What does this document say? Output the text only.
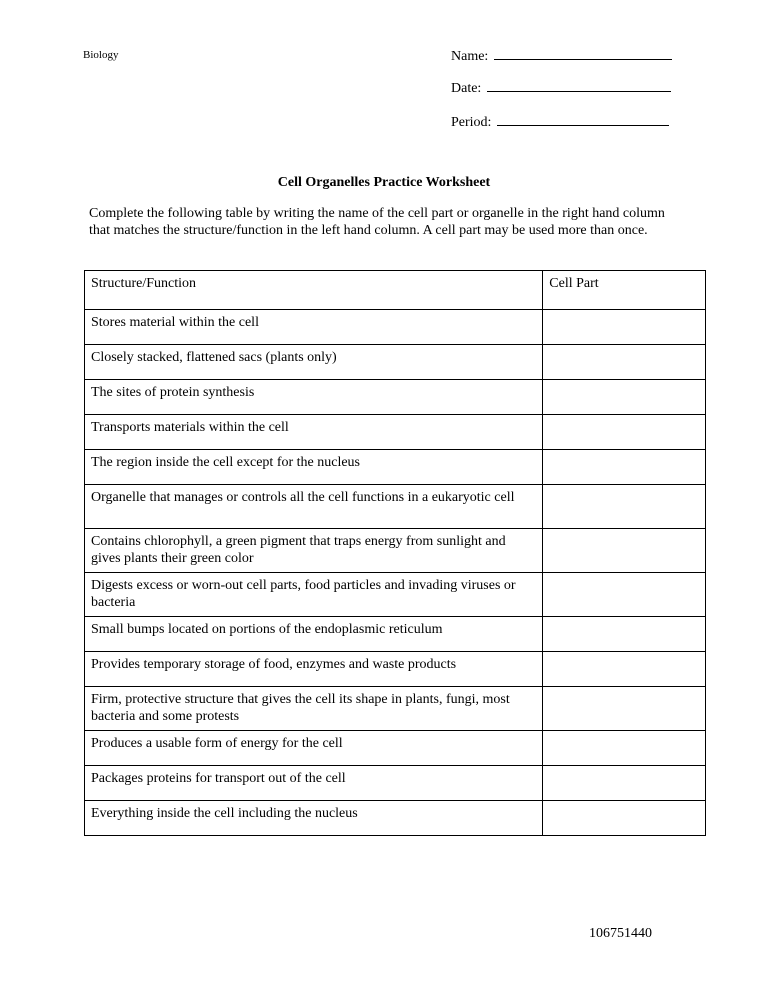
Biology	Name:
Date:
Period:
Cell Organelles Practice Worksheet
Complete the following table by writing the name of the cell part or organelle in the right hand column that matches the structure/function in the left hand column. A cell part may be used more than once.
Structure/Function	Cell Part
Stores material within the cell	
Closely stacked, flattened sacs (plants only)	
The sites of protein synthesis	
Transports materials within the cell	
The region inside the cell except for the nucleus	
Organelle that manages or controls all the cell functions in a eukaryotic cell	
Contains chlorophyll, a green pigment that traps energy from sunlight and gives plants their green color	
Digests excess or worn-out cell parts, food particles and invading viruses or bacteria	
Small bumps located on portions of the endoplasmic reticulum	
Provides temporary storage of food, enzymes and waste products	
Firm, protective structure that gives the cell its shape in plants, fungi, most bacteria and some protests	
Produces a usable form of energy for the cell	
Packages proteins for transport out of the cell	
Everything inside the cell including the nucleus	
106751440
